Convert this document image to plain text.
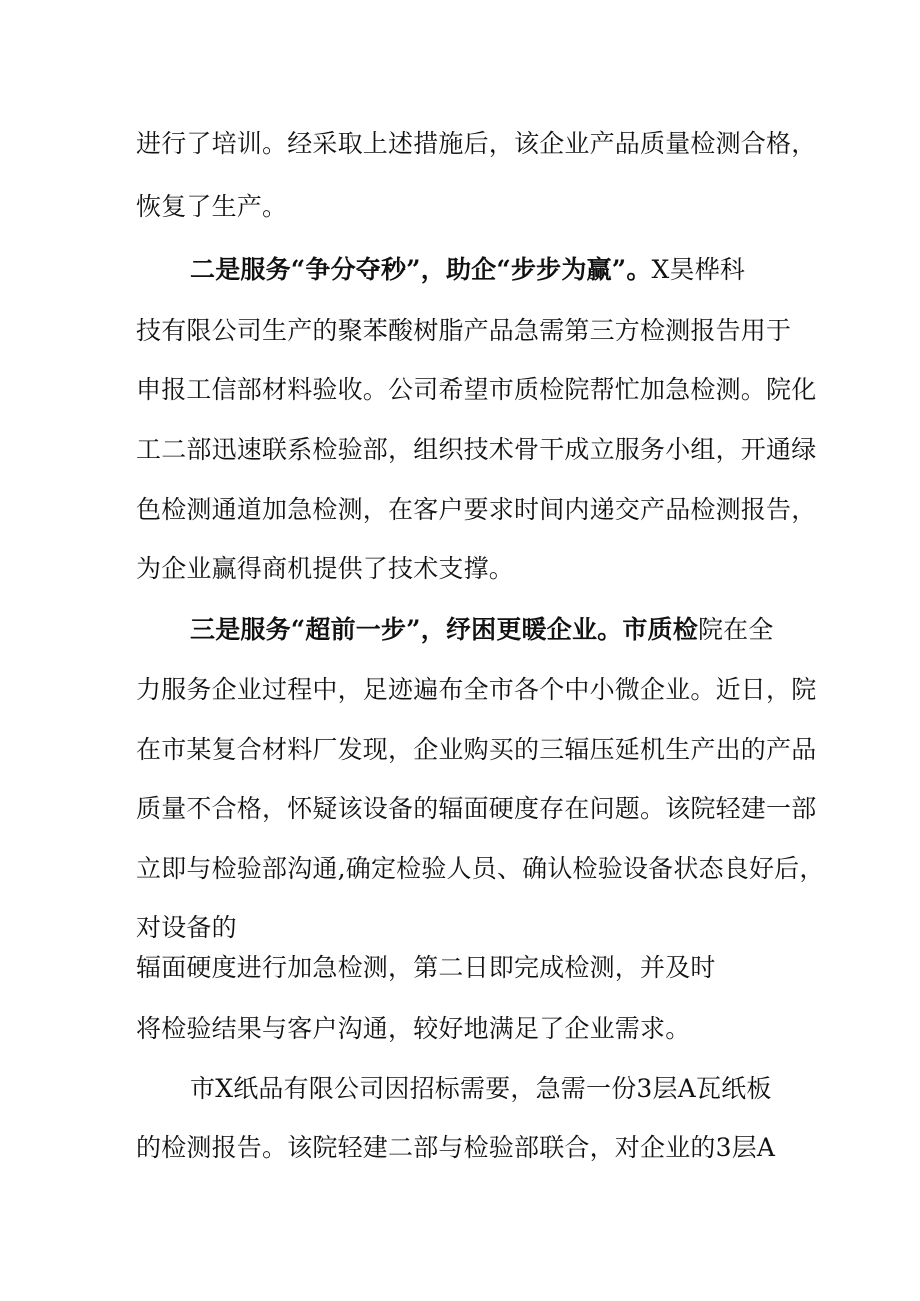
进行了培训。经采取上述措施后，该企业产品质量检测合格，
恢复了生产。
二是服务“争分夺秒”，助企“步步为赢”。X昊桦科
技有限公司生产的聚苯酸树脂产品急需第三方检测报告用于
申报工信部材料验收。公司希望市质检院帮忙加急检测。院化
工二部迅速联系检验部，组织技术骨干成立服务小组，开通绿
色检测通道加急检测，在客户要求时间内递交产品检测报告，
为企业赢得商机提供了技术支撑。
三是服务“超前一步”，纾困更暖企业。市质检院在全
力服务企业过程中，足迹遍布全市各个中小微企业。近日，院
在市某复合材料厂发现，企业购买的三辐压延机生产出的产品
质量不合格，怀疑该设备的辐面硬度存在问题。该院轻建一部
立即与检验部沟通,确定检验人员、确认检验设备状态良好后，
对设备的
辐面硬度进行加急检测，第二日即完成检测，并及时
将检验结果与客户沟通，较好地满足了企业需求。
市X纸品有限公司因招标需要，急需一份3层A瓦纸板
的检测报告。该院轻建二部与检验部联合，对企业的3层A
